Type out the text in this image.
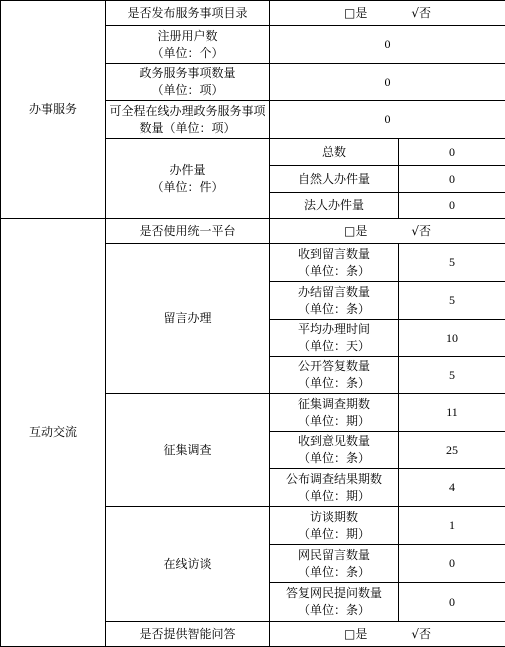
办事服务	是否发布服务事项目录	□是 √否	

	注册用户数
（单位：个）	0	

	政务服务事项数量
（单位：项）	0	
	可全程在线办理政务服务事项数量（单位：项）	0	

	办件量
（单位：件）	总数	0
		自然人办件量	0
		法人办件量	0

互动交流	是否使用统一平台	□是 √否	

	留言办理	收到留言数量
（单位：条）	5

		办结留言数量
（单位：条）	5

		平均办理时间
（单位：天）	10

		公开答复数量
（单位：条）	5
	征集调查	征集调查期数
（单位：期）	11

		收到意见数量
（单位：条）	25

		公布调查结果期数
（单位：期）	4
	在线访谈	访谈期数
（单位：期）	1

		网民留言数量
（单位：条）	0

		答复网民提问数量
（单位：条）	0
	是否提供智能问答	□是 √否	
